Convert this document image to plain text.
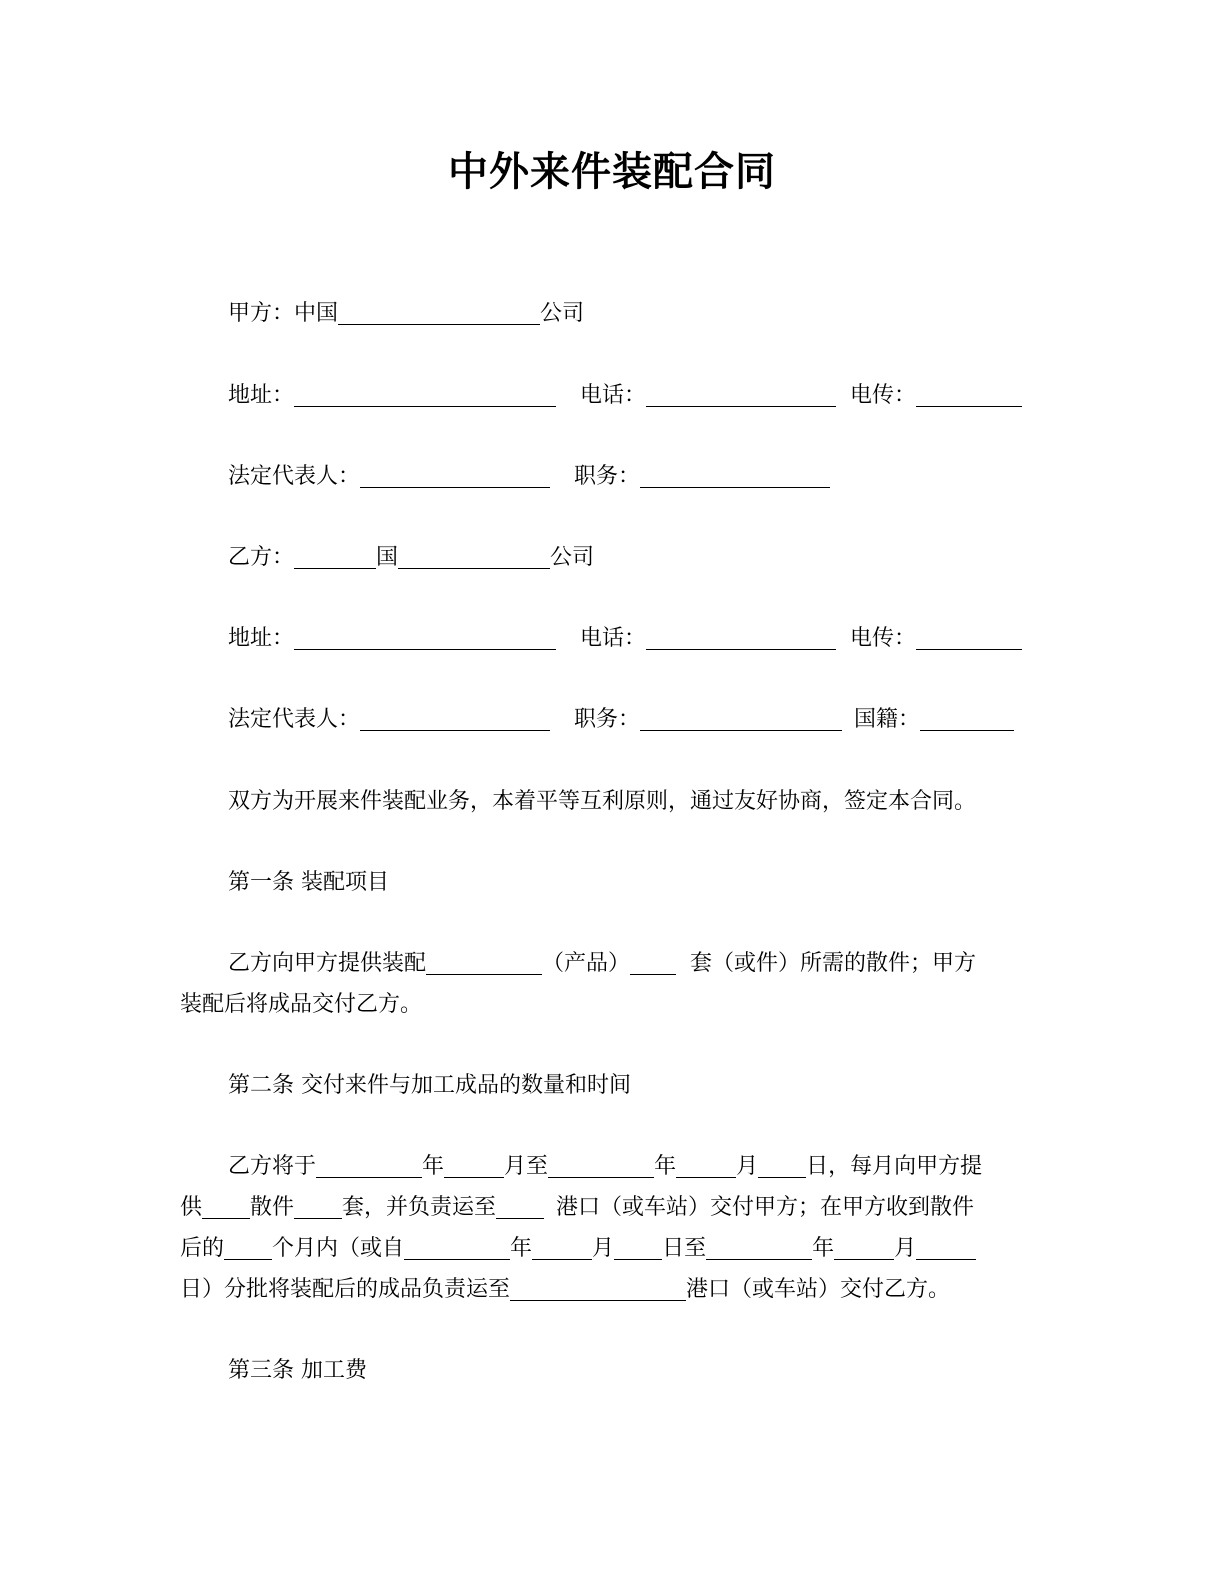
中外来件装配合同
甲方：中国	公司
地址：	电话：	电传：
法定代表人：	职务：
乙方：	国	公司
地址：	电话：	电传：
法定代表人：	职务：	国籍：
双方为开展来件装配业务，本着平等互利原则，通过友好协商，签定本合同。
第一条 装配项目
乙方向甲方提供装配	（产品）	套（或件）所需的散件；甲方
装配后将成品交付乙方。
第二条 交付来件与加工成品的数量和时间
乙方将于	年	月至	年	月 日，每月向甲方提
供 散件 套，并负责运至	港口（或车站）交付甲方；在甲方收到散件
后的 个月内（或自	年	月 日至	年	月
日）分批将装配后的成品负责运至	港口（或车站）交付乙方。
第三条 加工费
